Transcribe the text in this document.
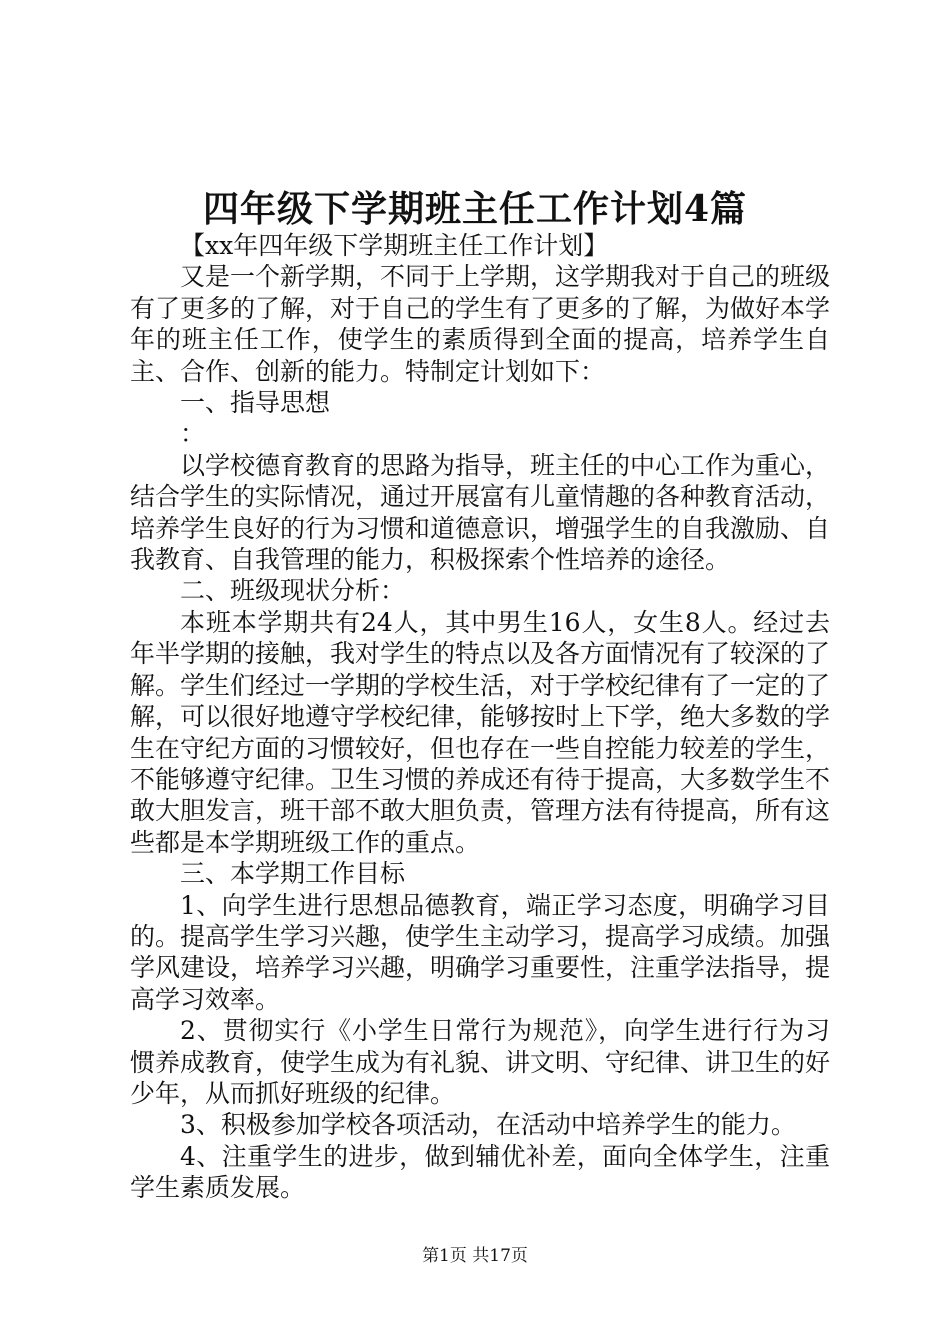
四年级下学期班主任工作计划4篇

【xx年四年级下学期班主任工作计划】

又是一个新学期，不同于上学期，这学期我对于自己的班级有了更多的了解，对于自己的学生有了更多的了解，为做好本学年的班主任工作，使学生的素质得到全面的提高，培养学生自主、合作、创新的能力。特制定计划如下：

一、指导思想

：

以学校德育教育的思路为指导，班主任的中心工作为重心，结合学生的实际情况，通过开展富有儿童情趣的各种教育活动，培养学生良好的行为习惯和道德意识，增强学生的自我激励、自我教育、自我管理的能力，积极探索个性培养的途径。

二、班级现状分析：

本班本学期共有24人，其中男生16人，女生8人。经过去年半学期的接触，我对学生的特点以及各方面情况有了较深的了解。学生们经过一学期的学校生活，对于学校纪律有了一定的了解，可以很好地遵守学校纪律，能够按时上下学，绝大多数的学生在守纪方面的习惯较好，但也存在一些自控能力较差的学生，不能够遵守纪律。卫生习惯的养成还有待于提高，大多数学生不敢大胆发言，班干部不敢大胆负责，管理方法有待提高，所有这些都是本学期班级工作的重点。

三、本学期工作目标

1、向学生进行思想品德教育，端正学习态度，明确学习目的。提高学生学习兴趣，使学生主动学习，提高学习成绩。加强学风建设，培养学习兴趣，明确学习重要性，注重学法指导，提高学习效率。

2、贯彻实行《小学生日常行为规范》，向学生进行行为习惯养成教育，使学生成为有礼貌、讲文明、守纪律、讲卫生的好少年，从而抓好班级的纪律。

3、积极参加学校各项活动，在活动中培养学生的能力。

4、注重学生的进步，做到辅优补差，面向全体学生，注重学生素质发展。

第1页 共17页
